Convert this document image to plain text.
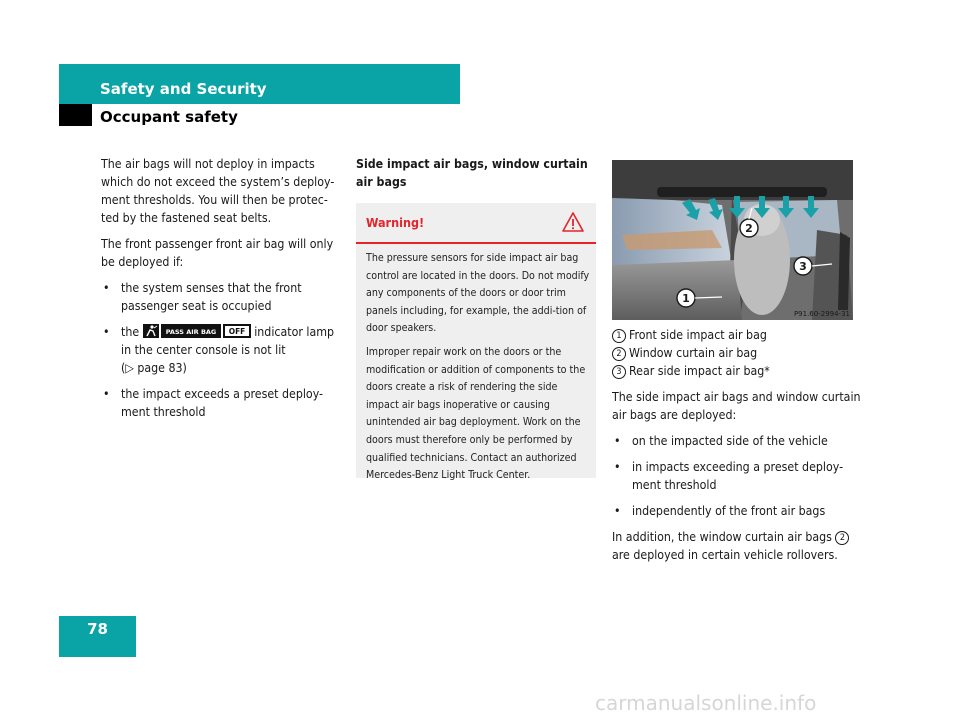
Safety and Security
Occupant safety

The air bags will not deploy in impacts which do not exceed the system’s deploy-ment thresholds. You will then be protec-ted by the fastened seat belts.

The front passenger front air bag will only be deployed if:

• the system senses that the front passenger seat is occupied
• the	PASS AIR BAG OFF indicator lamp in the center console is not lit
(▷ page 83)
• the impact exceeds a preset deploy-ment threshold

Side impact air bags, window curtain air bags

Warning!

The pressure sensors for side impact air bag control are located in the doors. Do not modify any components of the doors or door trim panels including, for example, the addi-tion of door speakers.

Improper repair work on the doors or the modification or addition of components to the doors create a risk of rendering the side impact air bags inoperative or causing unintended air bag deployment. Work on the doors must therefore only be performed by qualified technicians. Contact an authorized Mercedes-Benz Light Truck Center.

2
3
1
P91.60-2994-31
1 Front side impact air bag
2 Window curtain air bag
3 Rear side impact air bag*

The side impact air bags and window curtain air bags are deployed:

• on the impacted side of the vehicle
• in impacts exceeding a preset deploy-ment threshold
• independently of the front air bags

In addition, the window curtain air bags 2are deployed in certain vehicle rollovers.

78
carmanualsonline.info
